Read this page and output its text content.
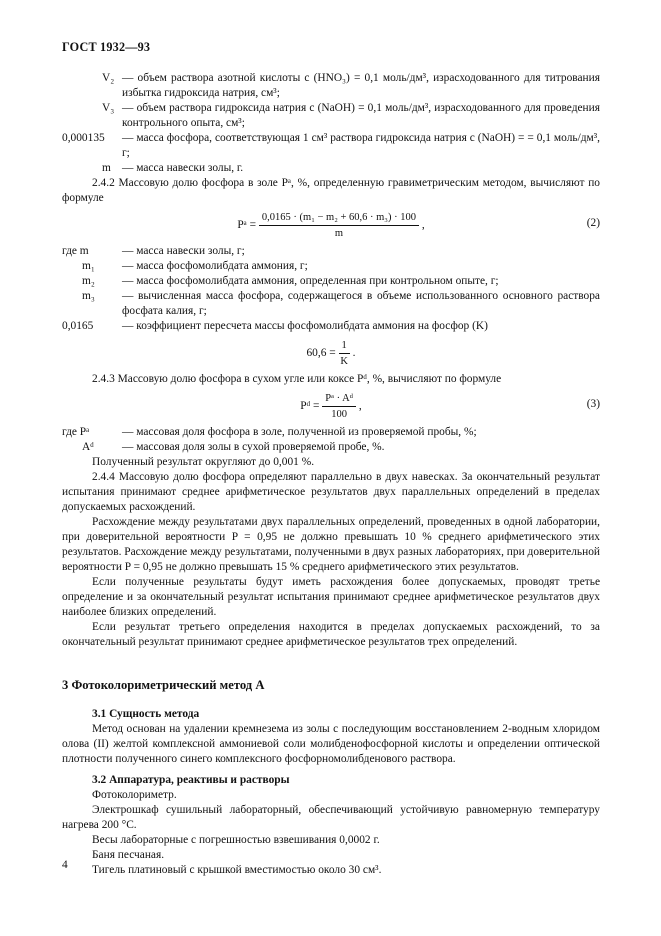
ГОСТ 1932—93
V₂ — объем раствора азотной кислоты c (HNO₃) = 0,1 моль/дм³, израсходованного для титрования избытка гидроксида натрия, см³;
V₃ — объем раствора гидроксида натрия c (NaOH) = 0,1 моль/дм³, израсходованного для проведения контрольного опыта, см³;
0,000135	— масса фосфора, соответствующая 1 см³ раствора гидроксида натрия c (NaOH) = = 0,1 моль/дм³, г;
m — масса навески золы, г.

2.4.2 Массовую долю фосфора в золе Pᵃ, %, определенную гравиметрическим методом, вычисляют по формуле

Pᵃ = $\frac{\text{0,0165 · (m₁ − m₂ + 60,6 · m₃) · 100}}{m}$ ,	(2)
где m	— масса навески золы, г;
m₁	— масса фосфомолибдата аммония, г;
m₂	— масса фосфомолибдата аммония, определенная при контрольном опыте, г;
m₃	— вычисленная масса фосфора, содержащегося в объеме использованного основного раствора фосфата калия, г;
0,0165	— коэффициент пересчета массы фосфомолибдата аммония на фосфор (K)
$60,6 = \frac{1}{K}$ .

2.4.3 Массовую долю фосфора в сухом угле или коксе Pᵈ, %, вычисляют по формуле

Pᵈ = $\frac{\text{Pᵃ · Aᵈ}}{100}$ ,	(3)
где Pᵃ	— массовая доля фосфора в золе, полученной из проверяемой пробы, %;
Aᵈ	— массовая доля золы в сухой проверяемой пробе, %.

Полученный результат округляют до 0,001 %.

2.4.4 Массовую долю фосфора определяют параллельно в двух навесках. За окончательный результат испытания принимают среднее арифметическое результатов двух параллельных определений в пределах допускаемых расхождений.

Расхождение между результатами двух параллельных определений, проведенных в одной лаборатории, при доверительной вероятности P = 0,95 не должно превышать 10 % среднего арифметического этих результатов. Расхождение между результатами, полученными в двух разных лабораториях, при доверительной вероятности P = 0,95 не должно превышать 15 % среднего арифметического этих результатов.

Если полученные результаты будут иметь расхождения более допускаемых, проводят третье определение и за окончательный результат испытания принимают среднее арифметическое результатов двух наиболее близких определений.

Если результат третьего определения находится в пределах допускаемых расхождений, то за окончательный результат принимают среднее арифметическое результатов трех определений.

3 Фотоколориметрический метод А
3.1 Сущность метода

Метод основан на удалении кремнезема из золы с последующим восстановлением 2-водным хлоридом олова (II) желтой комплексной аммониевой соли молибденофосфорной кислоты и определении оптической плотности полученного синего комплексного фосфорномолибденового раствора.

3.2 Аппаратура, реактивы и растворы

Фотоколориметр.

Электрошкаф сушильный лабораторный, обеспечивающий устойчивую равномерную температуру нагрева 200 °С.

Весы лабораторные с погрешностью взвешивания 0,0002 г.

Баня песчаная.

Тигель платиновый с крышкой вместимостью около 30 см³.

4
